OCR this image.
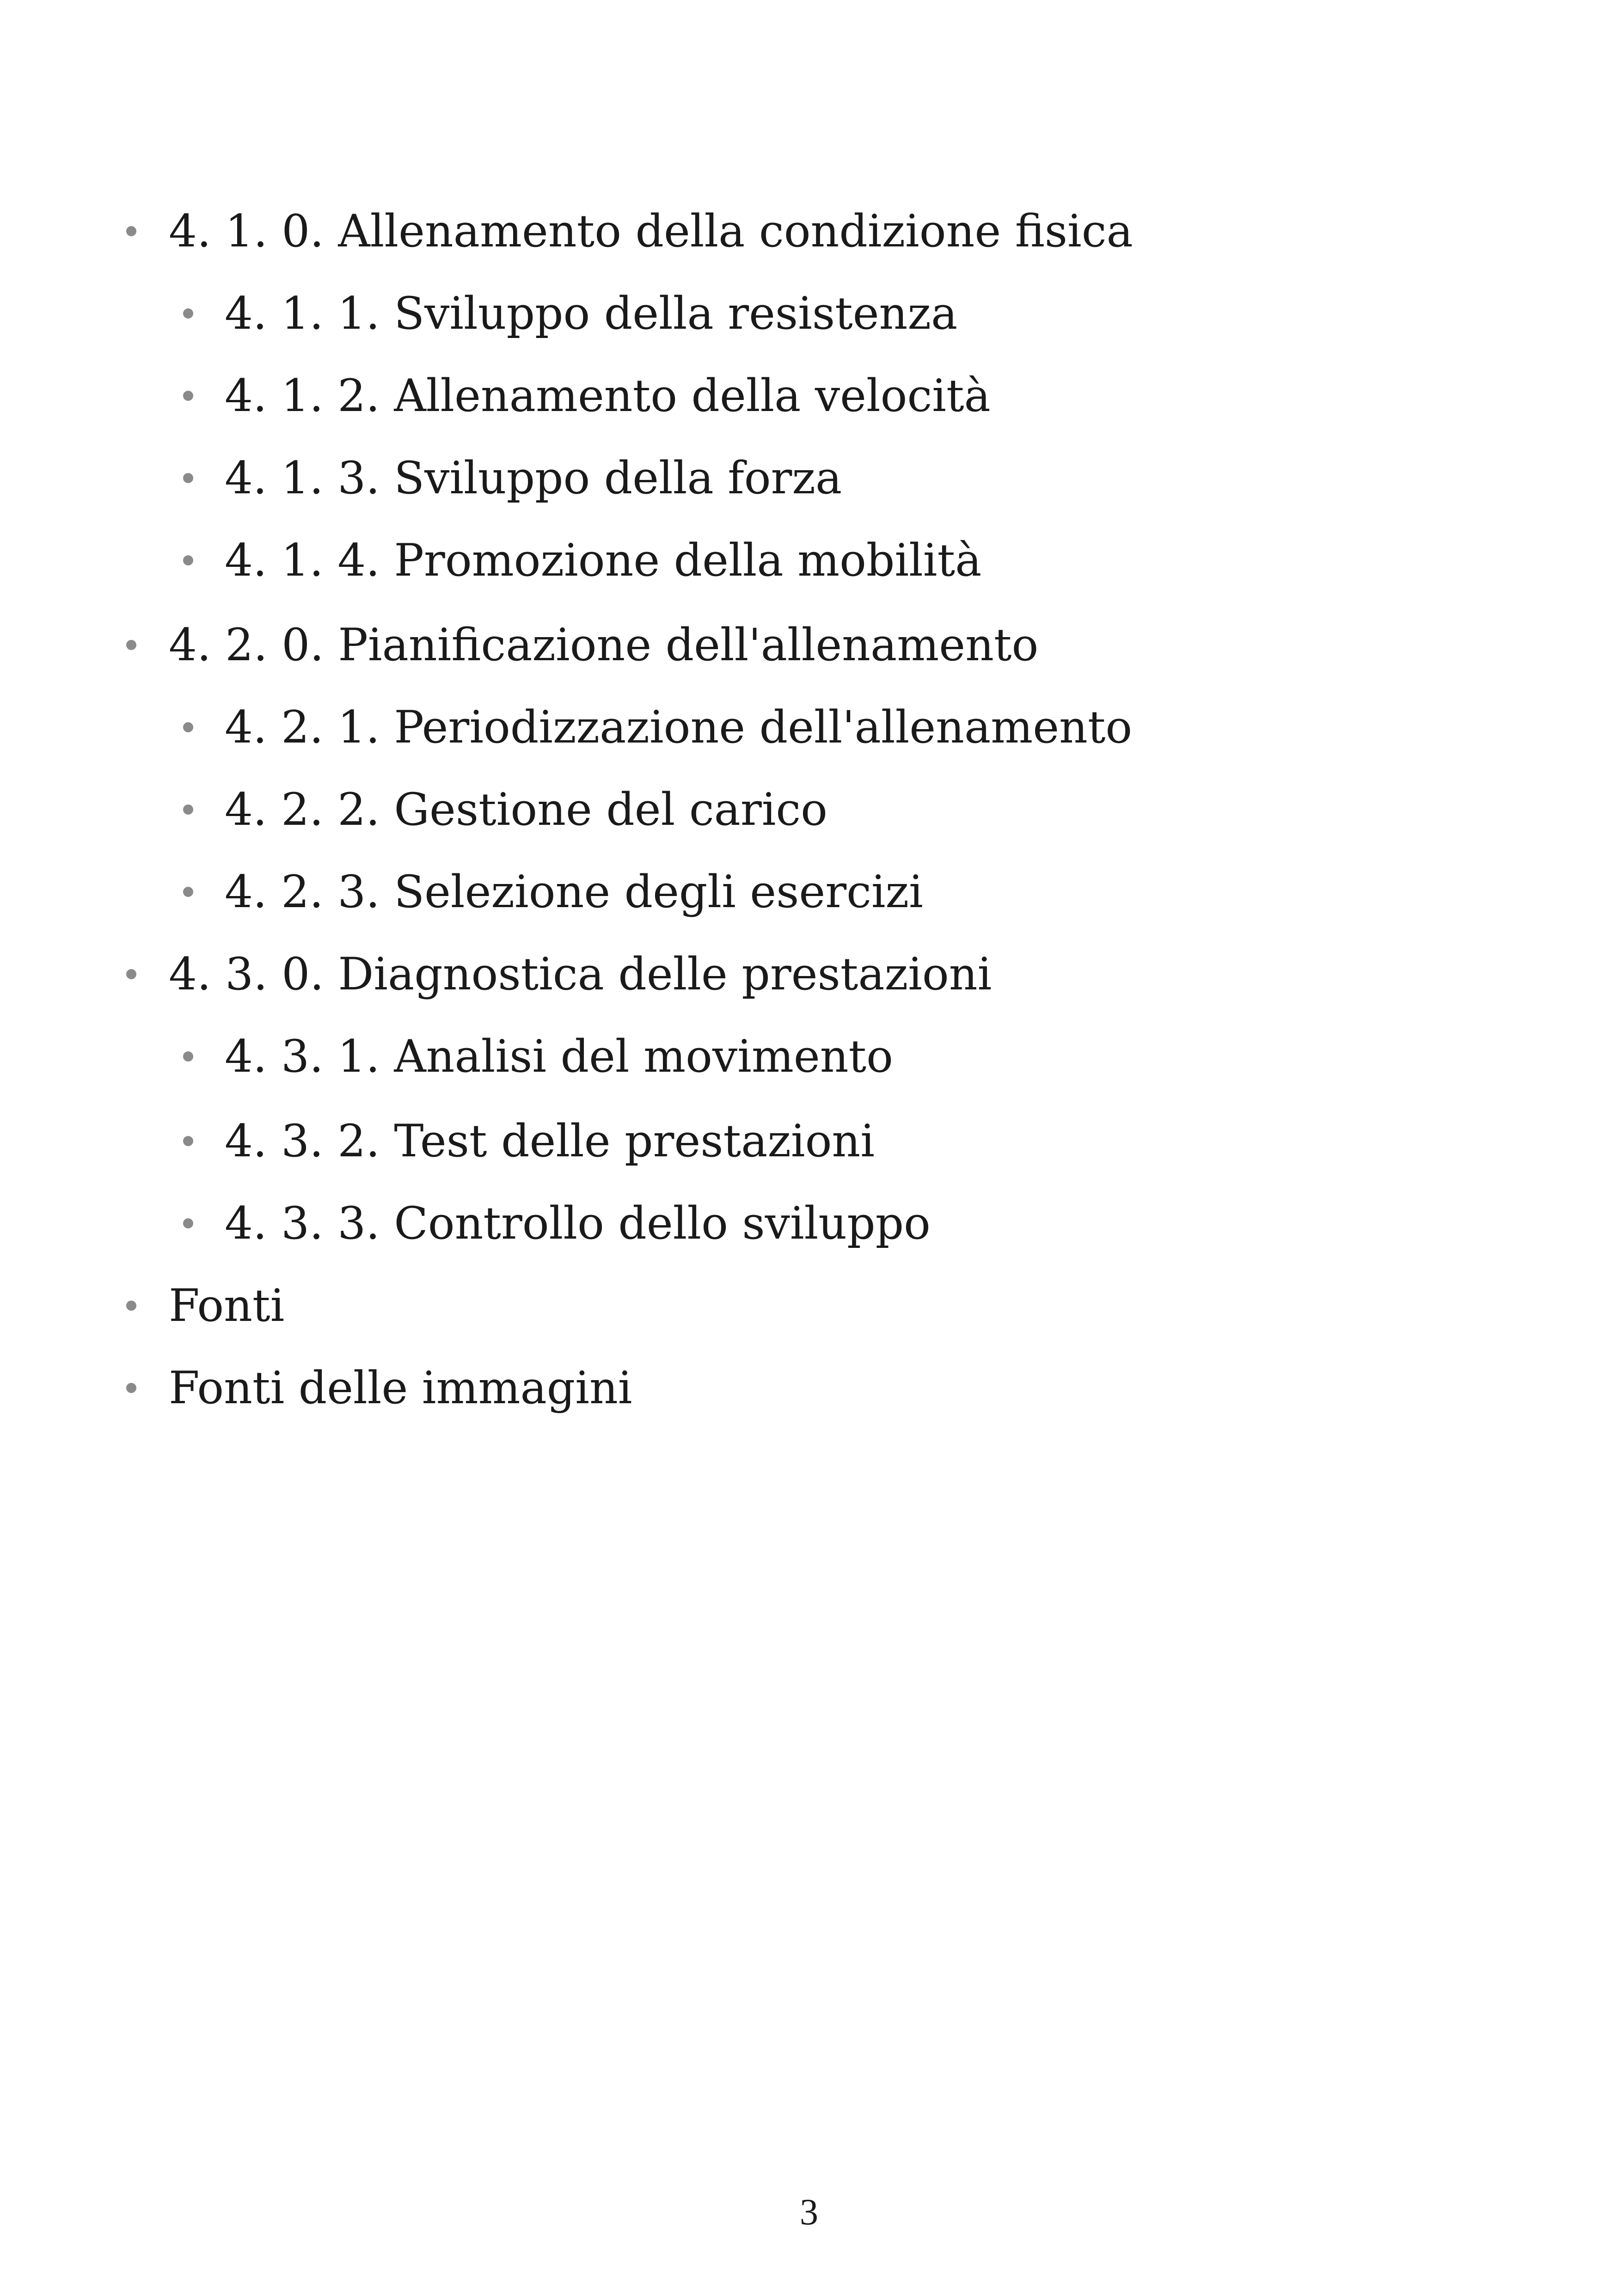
4. 1. 0. Allenamento della condizione fisica
4. 1. 1. Sviluppo della resistenza
4. 1. 2. Allenamento della velocità
4. 1. 3. Sviluppo della forza
4. 1. 4. Promozione della mobilità
4. 2. 0. Pianificazione dell'allenamento
4. 2. 1. Periodizzazione dell'allenamento
4. 2. 2. Gestione del carico
4. 2. 3. Selezione degli esercizi
4. 3. 0. Diagnostica delle prestazioni
4. 3. 1. Analisi del movimento
4. 3. 2. Test delle prestazioni
4. 3. 3. Controllo dello sviluppo
Fonti
Fonti delle immagini
3
